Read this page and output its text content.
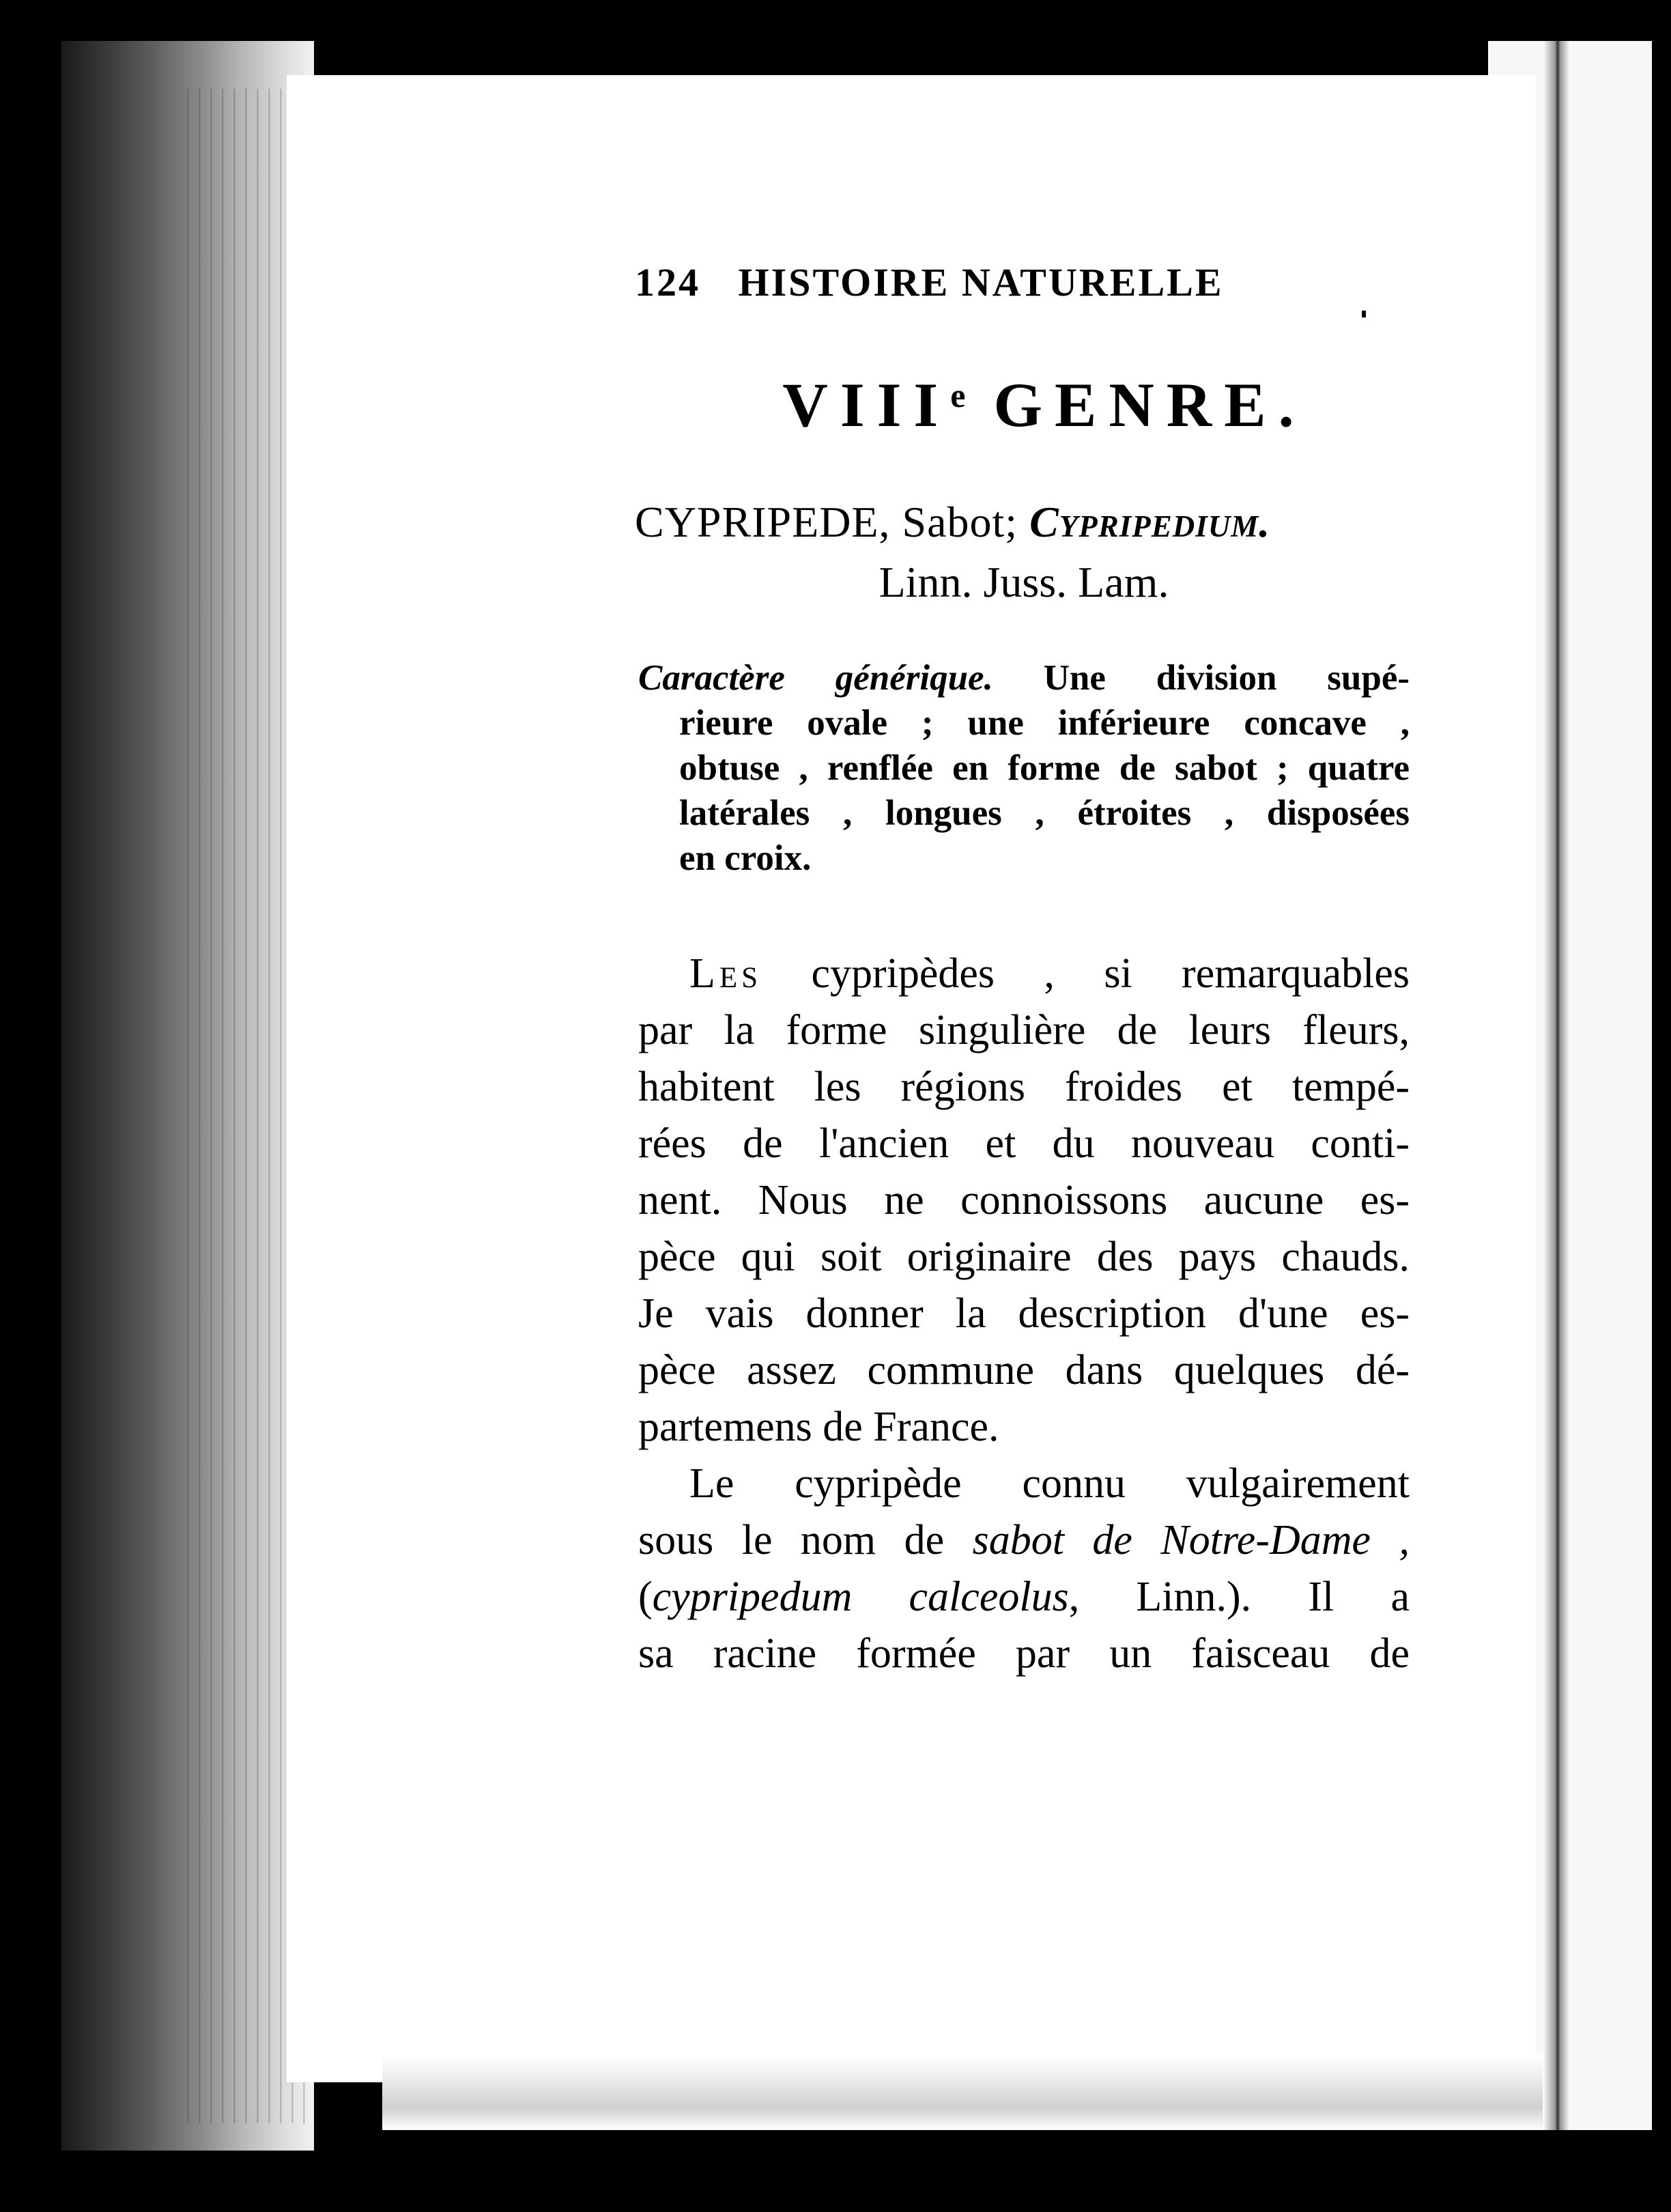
124 HISTOIRE NATURELLE
VIIIe GENRE.
CYPRIPEDE, Sabot; Cypripedium.
Linn. Juss. Lam.
Caractère générique. Une division supé-
rieure ovale ; une inférieure concave ,
obtuse , renflée en forme de sabot ; quatre
latérales , longues , étroites , disposées
en croix.
Les cypripèdes , si remarquables
par la forme singulière de leurs fleurs,
habitent les régions froides et tempé-
rées de l'ancien et du nouveau conti-
nent. Nous ne connoissons aucune es-
pèce qui soit originaire des pays chauds.
Je vais donner la description d'une es-
pèce assez commune dans quelques dé-
partemens de France.
Le cypripède connu vulgairement
sous le nom de sabot de Notre-Dame ,
(cypripedum calceolus, Linn.). Il a
sa racine formée par un faisceau de
